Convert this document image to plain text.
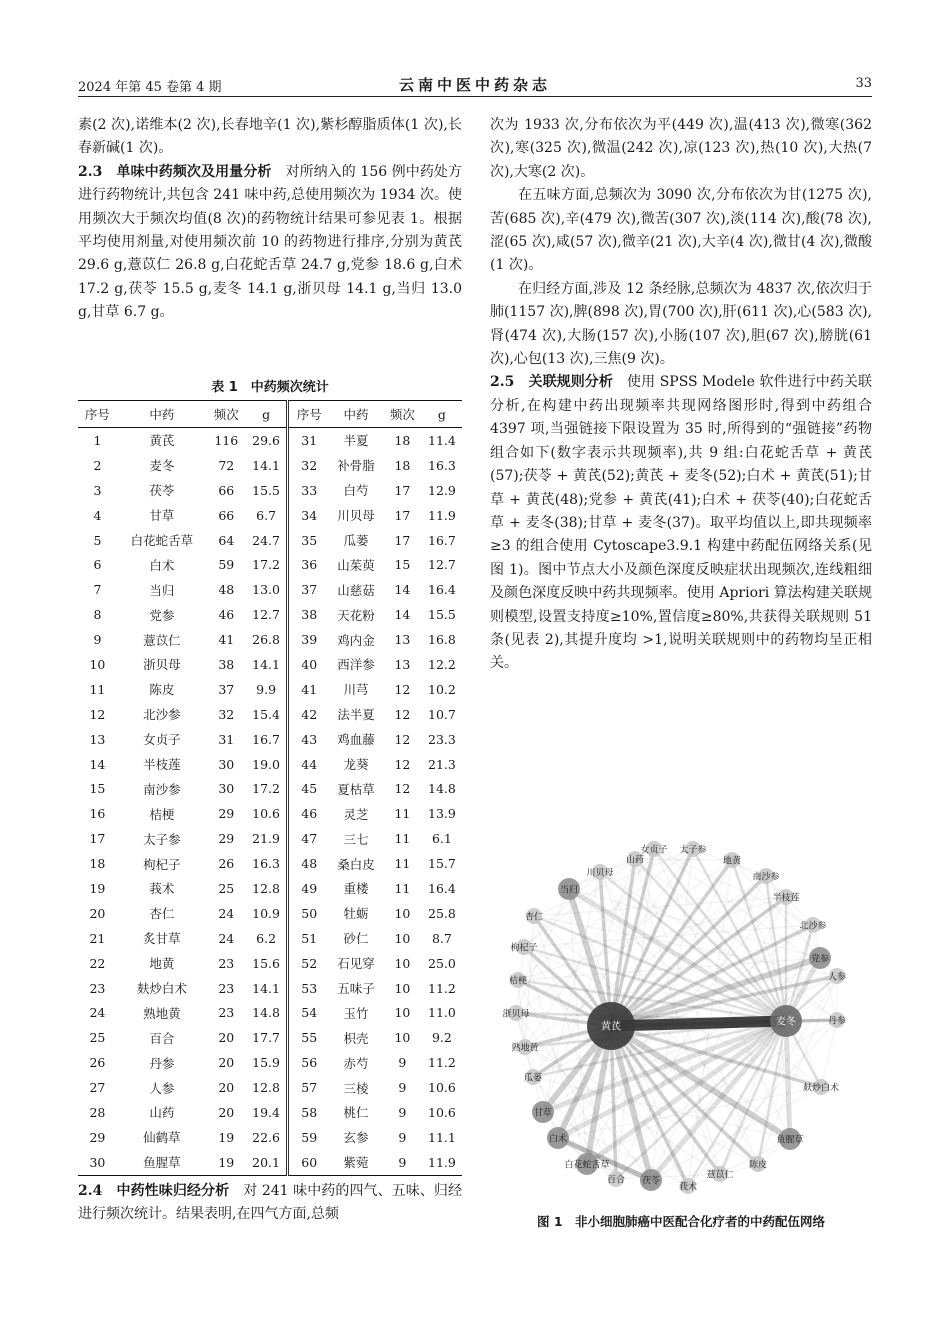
2024 年第 45 卷第 4 期	云南中医中药杂志	33

素(2 次),诺维本(2 次),长春地辛(1 次),紫杉醇脂质体(1 次),长春新碱(1 次)。

2.3　单味中药频次及用量分析　对所纳入的 156 例中药处方进行药物统计,共包含 241 味中药,总使用频次为 1934 次。使用频次大于频次均值(8 次)的药物统计结果可参见表 1。根据平均使用剂量,对使用频次前 10 的药物进行排序,分别为黄芪 29.6 g,薏苡仁 26.8 g,白花蛇舌草 24.7 g,党参 18.6 g,白术 17.2 g,茯苓 15.5 g,麦冬 14.1 g,浙贝母 14.1 g,当归 13.0 g,甘草 6.7 g。

表 1　中药频次统计
序号	中药	频次	g	序号	中药	频次	g
1	黄芪	116	29.6	31	半夏	18	11.4
2	麦冬	72	14.1	32	补骨脂	18	16.3
3	茯苓	66	15.5	33	白芍	17	12.9
4	甘草	66	6.7	34	川贝母	17	11.9
5	白花蛇舌草	64	24.7	35	瓜蒌	17	16.7
6	白术	59	17.2	36	山茱萸	15	12.7
7	当归	48	13.0	37	山慈菇	14	16.4
8	党参	46	12.7	38	天花粉	14	15.5
9	薏苡仁	41	26.8	39	鸡内金	13	16.8
10	浙贝母	38	14.1	40	西洋参	13	12.2
11	陈皮	37	9.9	41	川芎	12	10.2
12	北沙参	32	15.4	42	法半夏	12	10.7
13	女贞子	31	16.7	43	鸡血藤	12	23.3
14	半枝莲	30	19.0	44	龙葵	12	21.3
15	南沙参	30	17.2	45	夏枯草	12	14.8
16	桔梗	29	10.6	46	灵芝	11	13.9
17	太子参	29	21.9	47	三七	11	6.1
18	枸杞子	26	16.3	48	桑白皮	11	15.7
19	莪术	25	12.8	49	重楼	11	16.4
20	杏仁	24	10.9	50	牡蛎	10	25.8
21	炙甘草	24	6.2	51	砂仁	10	8.7
22	地黄	23	15.6	52	石见穿	10	25.0
23	麸炒白术	23	14.1	53	五味子	10	11.2
24	熟地黄	23	14.8	54	玉竹	10	11.0
25	百合	20	17.7	55	枳壳	10	9.2
26	丹参	20	15.9	56	赤芍	9	11.2
27	人参	20	12.8	57	三棱	9	10.6
28	山药	20	19.4	58	桃仁	9	10.6
29	仙鹤草	19	22.6	59	玄参	9	11.1
30	鱼腥草	19	20.1	60	紫菀	9	11.9

2.4　中药性味归经分析　对 241 味中药的四气、五味、归经进行频次统计。结果表明,在四气方面,总频

次为 1933 次,分布依次为平(449 次),温(413 次),微寒(362 次),寒(325 次),微温(242 次),凉(123 次),热(10 次),大热(7 次),大寒(2 次)。

在五味方面,总频次为 3090 次,分布依次为甘(1275 次),苦(685 次),辛(479 次),微苦(307 次),淡(114 次),酸(78 次),涩(65 次),咸(57 次),微辛(21 次),大辛(4 次),微甘(4 次),微酸(1 次)。

在归经方面,涉及 12 条经脉,总频次为 4837 次,依次归于肺(1157 次),脾(898 次),胃(700 次),肝(611 次),心(583 次),肾(474 次),大肠(157 次),小肠(107 次),胆(67 次),膀胱(61 次),心包(13 次),三焦(9 次)。

2.5　关联规则分析　使用 SPSS Modele 软件进行中药关联分析,在构建中药出现频率共现网络图形时,得到中药组合 4397 项,当强链接下限设置为 35 时,所得到的“强链接”药物组合如下(数字表示共现频率),共 9 组:白花蛇舌草 + 黄芪(57);茯苓 + 黄芪(52);黄芪 + 麦冬(52);白术 + 黄芪(51);甘草 + 黄芪(48);党参 + 黄芪(41);白术 + 茯苓(40);白花蛇舌草 + 麦冬(38);甘草 + 麦冬(37)。取平均值以上,即共现频率≥3 的组合使用 Cytoscape3.9.1 构建中药配伍网络关系(见图 1)。图中节点大小及颜色深度反映症状出现频次,连线粗细及颜色深度反映中药共现频率。使用 Apriori 算法构建关联规则模型,设置支持度≥10%,置信度≥80%,共获得关联规则 51 条(见表 2),其提升度均 >1,说明关联规则中的药物均呈正相关。

黄芪	麦冬
山药
女贞子 太子参
地黄
川贝母	南沙参
半枝莲
当归
北沙参
杏仁
党参
枸杞子
人参
桔梗
浙贝母
丹参
熟地黄
瓜蒌
麸炒白术
甘草
鱼腥草
白术
白花蛇舌草	陈皮
百合 茯苓
莪术
薏苡仁
图 1　非小细胞肺癌中医配合化疗者的中药配伍网络
